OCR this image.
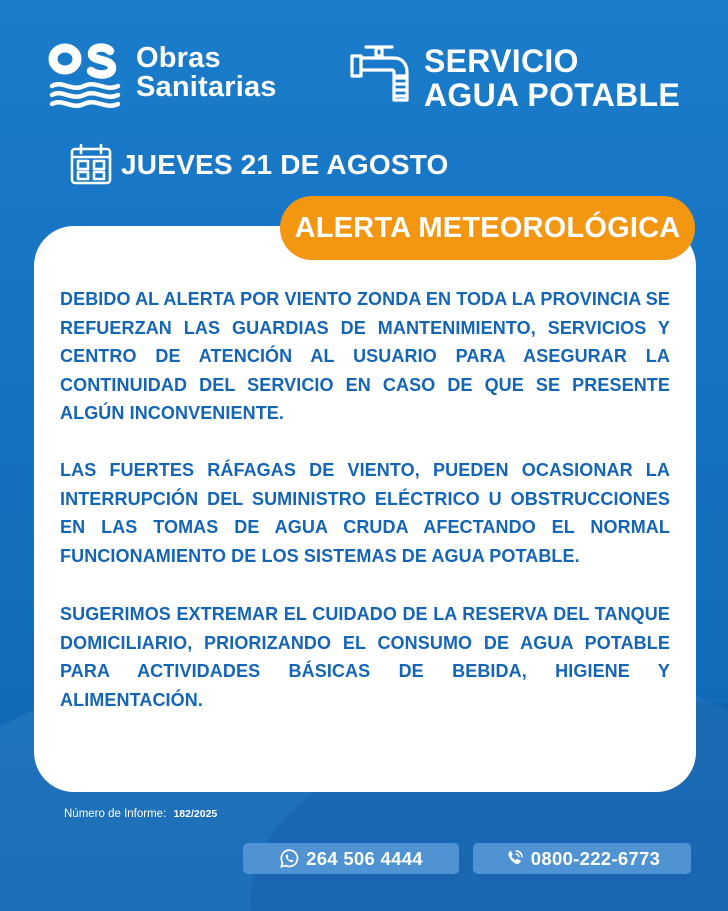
Obras
Sanitarias
SERVICIO
AGUA POTABLE
JUEVES 21 DE AGOSTO
ALERTA METEOROLÓGICA

DEBIDO AL ALERTA POR VIENTO ZONDA EN TODA LA PROVINCIA SE REFUERZAN LAS GUARDIAS DE MANTENIMIENTO, SERVICIOS Y CENTRO DE ATENCIÓN AL USUARIO PARA ASEGURAR LA CONTINUIDAD DEL SERVICIO EN CASO DE QUE SE PRESENTE ALGÚN INCONVENIENTE.

LAS FUERTES RÁFAGAS DE VIENTO, PUEDEN OCASIONAR LA INTERRUPCIÓN DEL SUMINISTRO ELÉCTRICO U OBSTRUCCIONES EN LAS TOMAS DE AGUA CRUDA AFECTANDO EL NORMAL FUNCIONAMIENTO DE LOS SISTEMAS DE AGUA POTABLE.

SUGERIMOS EXTREMAR EL CUIDADO DE LA RESERVA DEL TANQUE DOMICILIARIO, PRIORIZANDO EL CONSUMO DE AGUA POTABLE PARA ACTIVIDADES BÁSICAS DE BEBIDA, HIGIENE Y ALIMENTACIÓN.

Número de Informe: 182/2025
264 506 4444	0800-222-6773
